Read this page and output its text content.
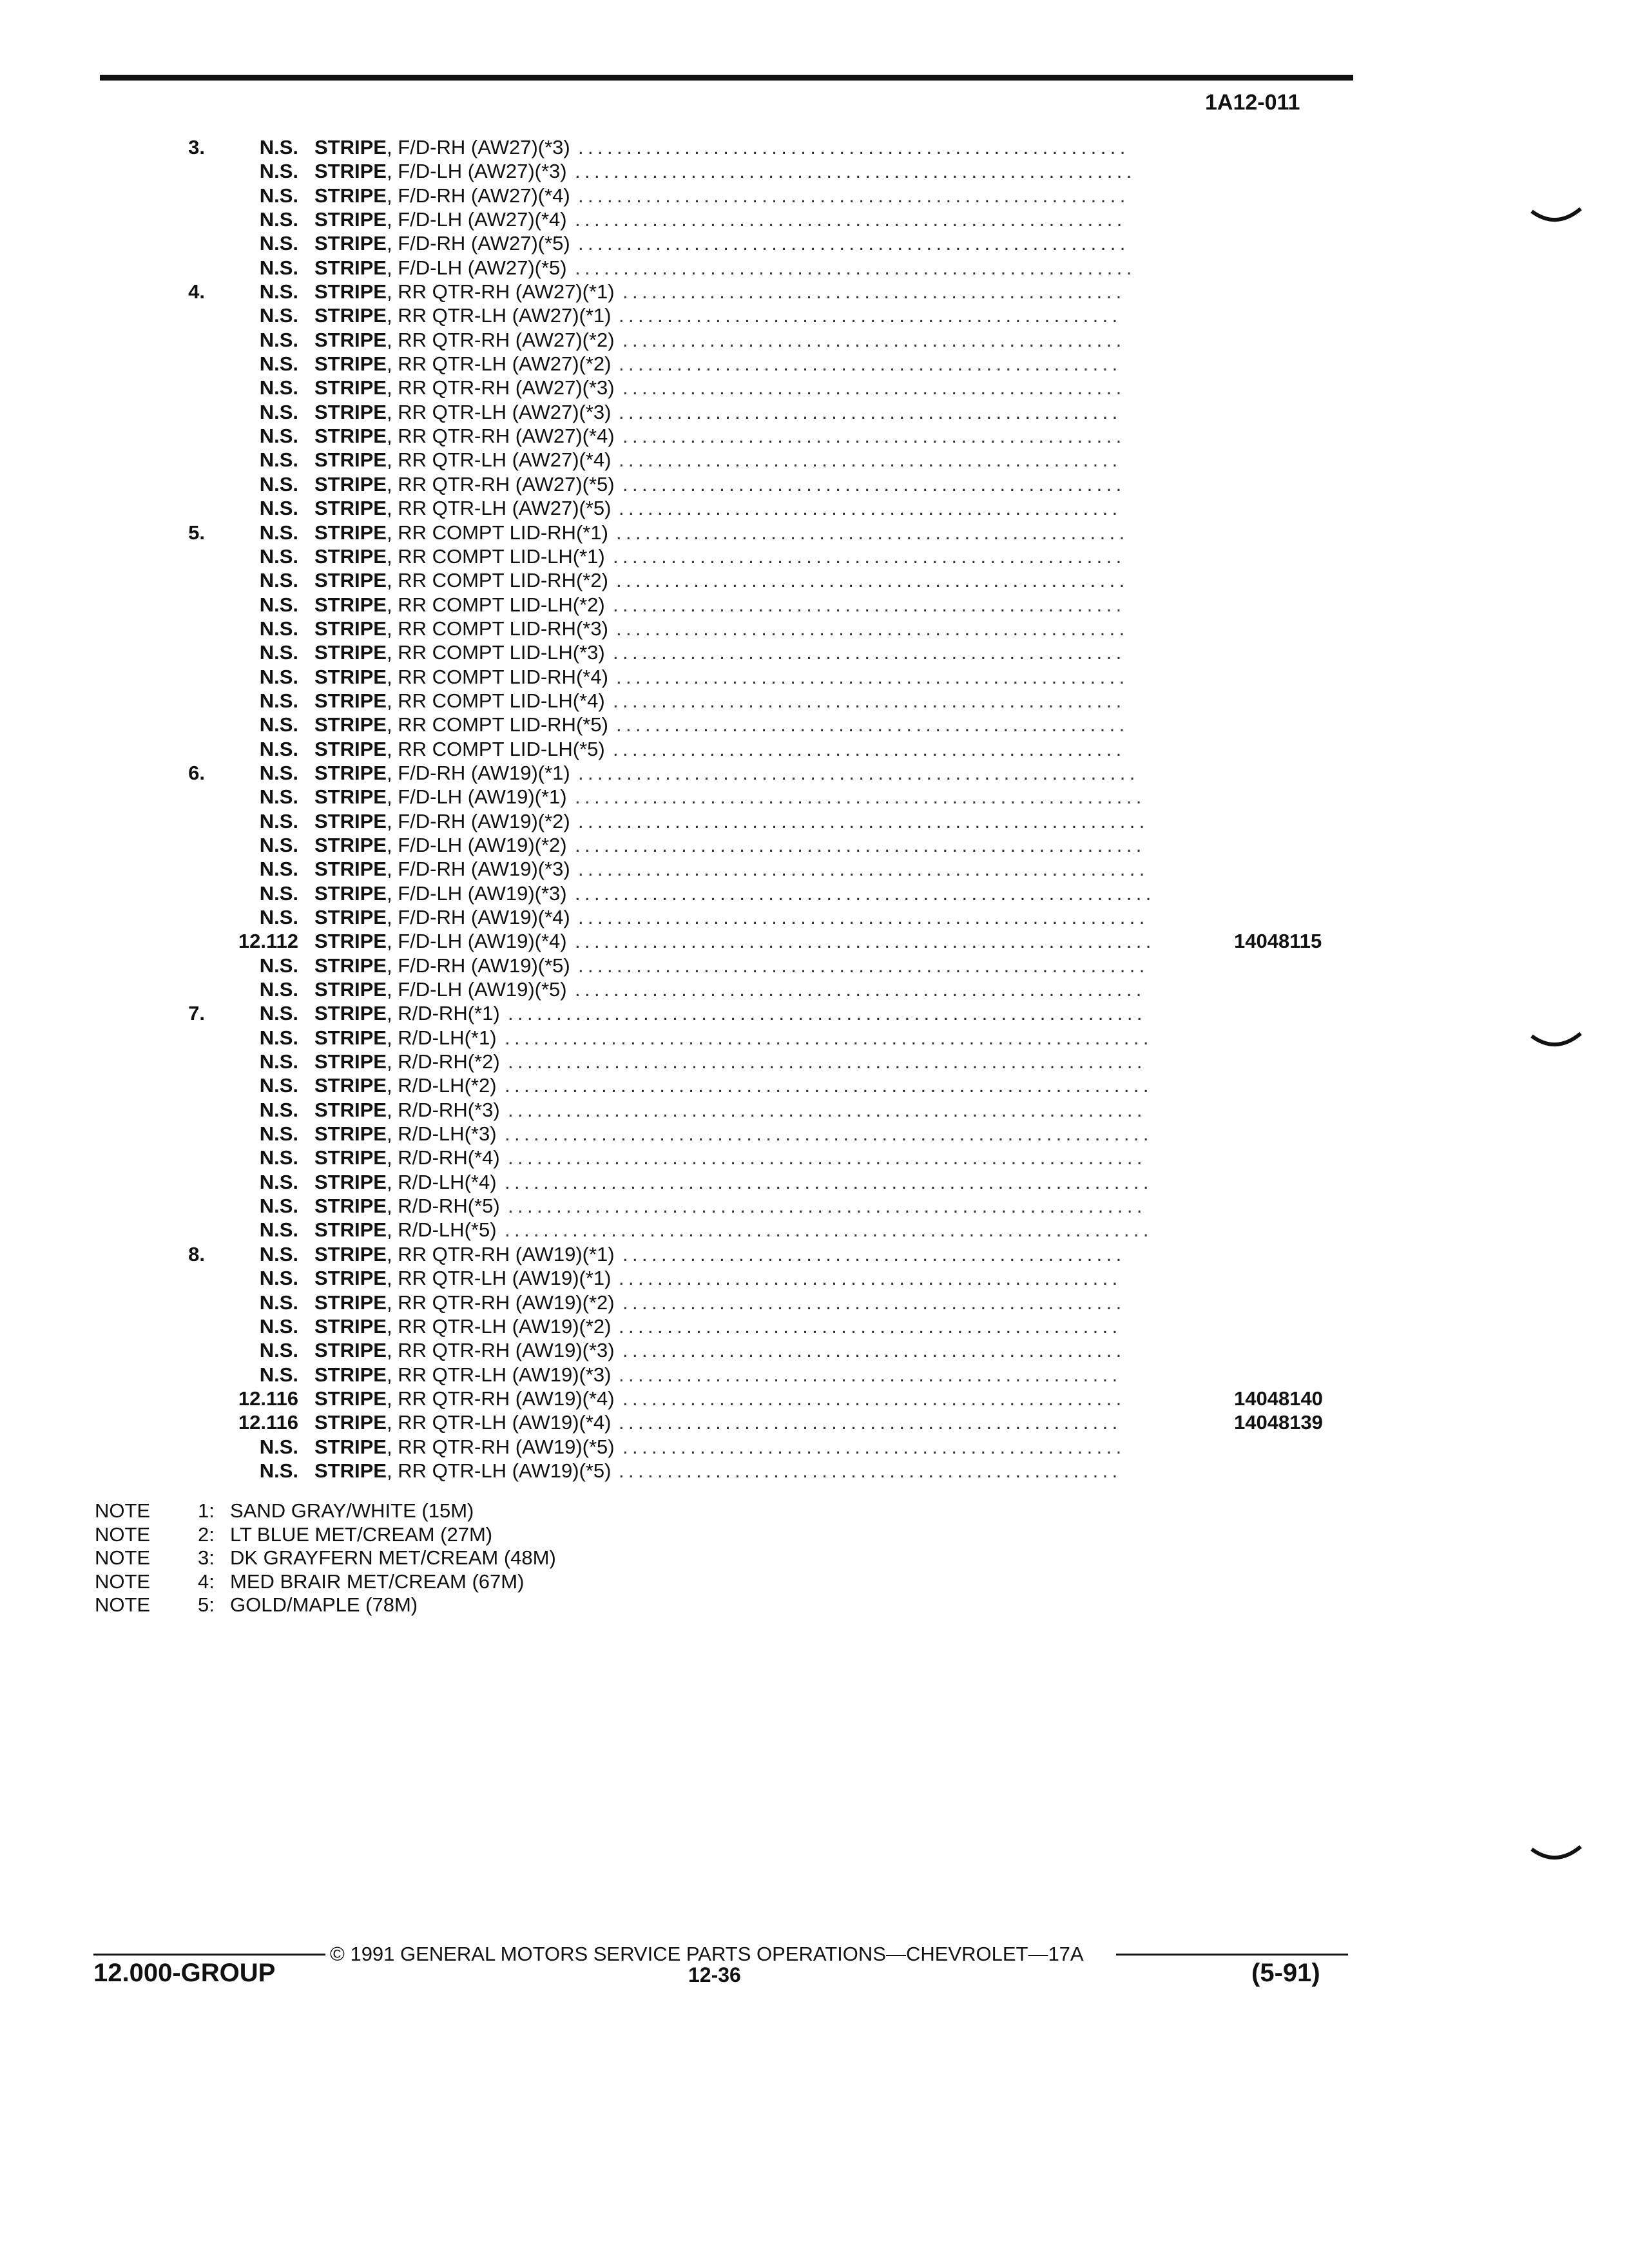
1A12-011
3.	N.S. STRIPE , F/D-RH (AW27)(*3) .........................................................
N.S. STRIPE , F/D-LH (AW27)(*3) ..........................................................
N.S. STRIPE , F/D-RH (AW27)(*4) .........................................................
N.S. STRIPE , F/D-LH (AW27)(*4) .........................................................
N.S. STRIPE , F/D-RH (AW27)(*5) .........................................................
N.S. STRIPE , F/D-LH (AW27)(*5) ..........................................................
4.	N.S. STRIPE , RR QTR-RH (AW27)(*1) ....................................................
N.S. STRIPE , RR QTR-LH (AW27)(*1) ....................................................
N.S. STRIPE , RR QTR-RH (AW27)(*2) ....................................................
N.S. STRIPE , RR QTR-LH (AW27)(*2) ....................................................
N.S. STRIPE , RR QTR-RH (AW27)(*3) ....................................................
N.S. STRIPE , RR QTR-LH (AW27)(*3) ....................................................
N.S. STRIPE , RR QTR-RH (AW27)(*4) ....................................................
N.S. STRIPE , RR QTR-LH (AW27)(*4) ....................................................
N.S. STRIPE , RR QTR-RH (AW27)(*5) ....................................................
N.S. STRIPE , RR QTR-LH (AW27)(*5) ....................................................
5.	N.S. STRIPE , RR COMPT LID-RH(*1) .....................................................
N.S. STRIPE , RR COMPT LID-LH(*1) .....................................................
N.S. STRIPE , RR COMPT LID-RH(*2) .....................................................
N.S. STRIPE , RR COMPT LID-LH(*2) .....................................................
N.S. STRIPE , RR COMPT LID-RH(*3) .....................................................
N.S. STRIPE , RR COMPT LID-LH(*3) .....................................................
N.S. STRIPE , RR COMPT LID-RH(*4) .....................................................
N.S. STRIPE , RR COMPT LID-LH(*4) .....................................................
N.S. STRIPE , RR COMPT LID-RH(*5) .....................................................
N.S. STRIPE , RR COMPT LID-LH(*5) .....................................................
6.	N.S. STRIPE , F/D-RH (AW19)(*1) ..........................................................
N.S. STRIPE , F/D-LH (AW19)(*1) ...........................................................
N.S. STRIPE , F/D-RH (AW19)(*2) ...........................................................
N.S. STRIPE , F/D-LH (AW19)(*2) ...........................................................
N.S. STRIPE , F/D-RH (AW19)(*3) ...........................................................
N.S. STRIPE , F/D-LH (AW19)(*3) ............................................................
N.S. STRIPE , F/D-RH (AW19)(*4) ...........................................................
12.112 STRIPE , F/D-LH (AW19)(*4) ............................................................	14048115
N.S. STRIPE , F/D-RH (AW19)(*5) ...........................................................
N.S. STRIPE , F/D-LH (AW19)(*5) ...........................................................
7.	N.S. STRIPE , R/D-RH(*1) ..................................................................
N.S. STRIPE , R/D-LH(*1) ...................................................................
N.S. STRIPE , R/D-RH(*2) ..................................................................
N.S. STRIPE , R/D-LH(*2) ...................................................................
N.S. STRIPE , R/D-RH(*3) ..................................................................
N.S. STRIPE , R/D-LH(*3) ...................................................................
N.S. STRIPE , R/D-RH(*4) ..................................................................
N.S. STRIPE , R/D-LH(*4) ...................................................................
N.S. STRIPE , R/D-RH(*5) ..................................................................
N.S. STRIPE , R/D-LH(*5) ...................................................................
8.	N.S. STRIPE , RR QTR-RH (AW19)(*1) ....................................................
N.S. STRIPE , RR QTR-LH (AW19)(*1) ....................................................
N.S. STRIPE , RR QTR-RH (AW19)(*2) ....................................................
N.S. STRIPE , RR QTR-LH (AW19)(*2) ....................................................
N.S. STRIPE , RR QTR-RH (AW19)(*3) ....................................................
N.S. STRIPE , RR QTR-LH (AW19)(*3) ....................................................
12.116 STRIPE , RR QTR-RH (AW19)(*4) ....................................................	14048140
12.116 STRIPE , RR QTR-LH (AW19)(*4) ....................................................	14048139
N.S. STRIPE , RR QTR-RH (AW19)(*5) ....................................................
N.S. STRIPE , RR QTR-LH (AW19)(*5) ....................................................
NOTE 1: SAND GRAY/WHITE (15M)
NOTE 2: LT BLUE MET/CREAM (27M)
NOTE 3: DK GRAYFERN MET/CREAM (48M)
NOTE 4: MED BRAIR MET/CREAM (67M)
NOTE 5: GOLD/MAPLE (78M)
© 1991 GENERAL MOTORS SERVICE PARTS OPERATIONS—CHEVROLET—17A
12.000-GROUP	12-36	(5-91)
